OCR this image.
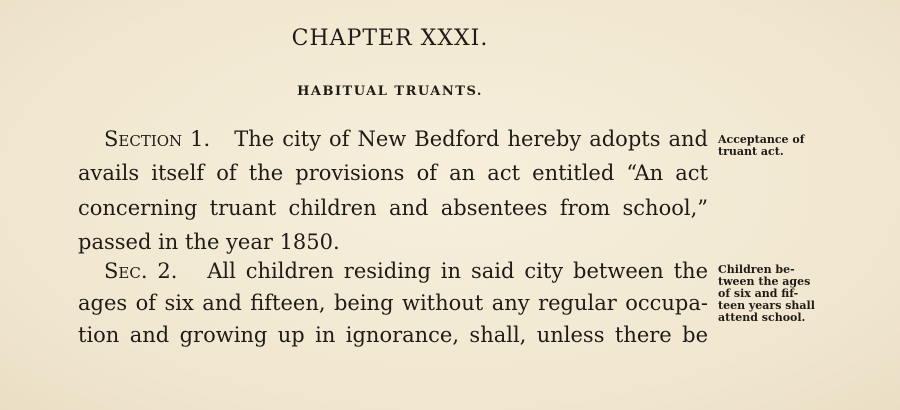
CHAPTER XXXI.
HABITUAL TRUANTS.
Section 1. The city of New Bedford hereby adopts and
avails itself of the provisions of an act entitled “An act
concerning truant children and absentees from school,”
passed in the year 1850.
Acceptance of
truant act.
Sec. 2. All children residing in said city between the
ages of six and fifteen, being without any regular occupa-
tion and growing up in ignorance, shall, unless there be
Children be-
tween the ages
of six and fif-
teen years shall
attend school.
